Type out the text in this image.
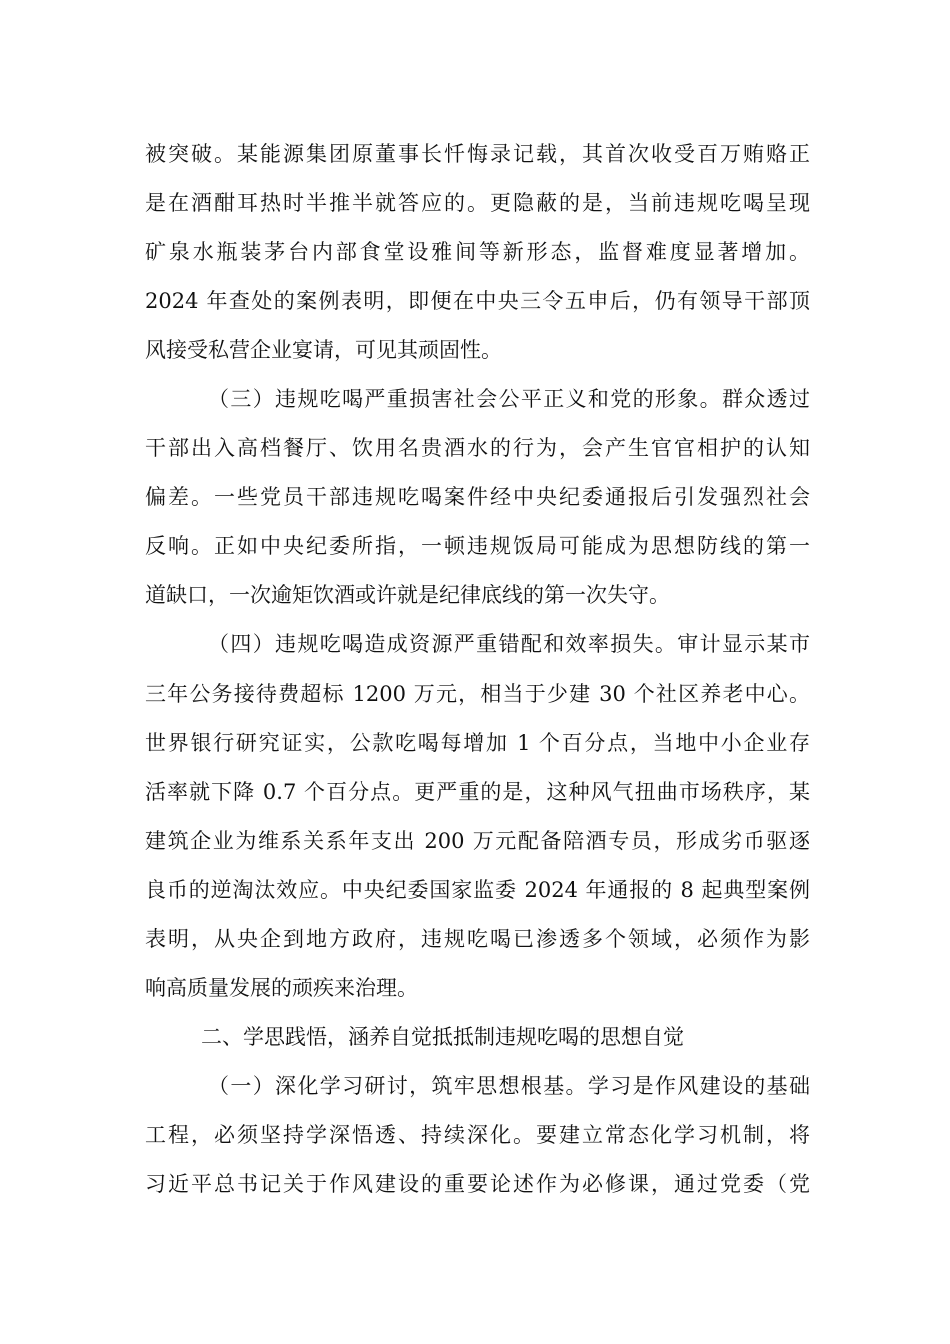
被突破。某能源集团原董事长忏悔录记载，其首次收受百万贿赂正
是在酒酣耳热时半推半就答应的。更隐蔽的是，当前违规吃喝呈现
矿泉水瓶装茅台内部食堂设雅间等新形态，监督难度显著增加。
2024 年查处的案例表明，即便在中央三令五申后，仍有领导干部顶
风接受私营企业宴请，可见其顽固性。
（三）违规吃喝严重损害社会公平正义和党的形象。群众透过
干部出入高档餐厅、饮用名贵酒水的行为，会产生官官相护的认知
偏差。一些党员干部违规吃喝案件经中央纪委通报后引发强烈社会
反响。正如中央纪委所指，一顿违规饭局可能成为思想防线的第一
道缺口，一次逾矩饮酒或许就是纪律底线的第一次失守。
（四）违规吃喝造成资源严重错配和效率损失。审计显示某市
三年公务接待费超标 1200 万元，相当于少建 30 个社区养老中心。
世界银行研究证实，公款吃喝每增加 1 个百分点，当地中小企业存
活率就下降 0.7 个百分点。更严重的是，这种风气扭曲市场秩序，某
建筑企业为维系关系年支出 200 万元配备陪酒专员，形成劣币驱逐
良币的逆淘汰效应。中央纪委国家监委 2024 年通报的 8 起典型案例
表明，从央企到地方政府，违规吃喝已渗透多个领域，必须作为影
响高质量发展的顽疾来治理。
二、学思践悟，涵养自觉抵抵制违规吃喝的思想自觉
（一）深化学习研讨，筑牢思想根基。学习是作风建设的基础
工程，必须坚持学深悟透、持续深化。要建立常态化学习机制，将
习近平总书记关于作风建设的重要论述作为必修课，通过党委（党
